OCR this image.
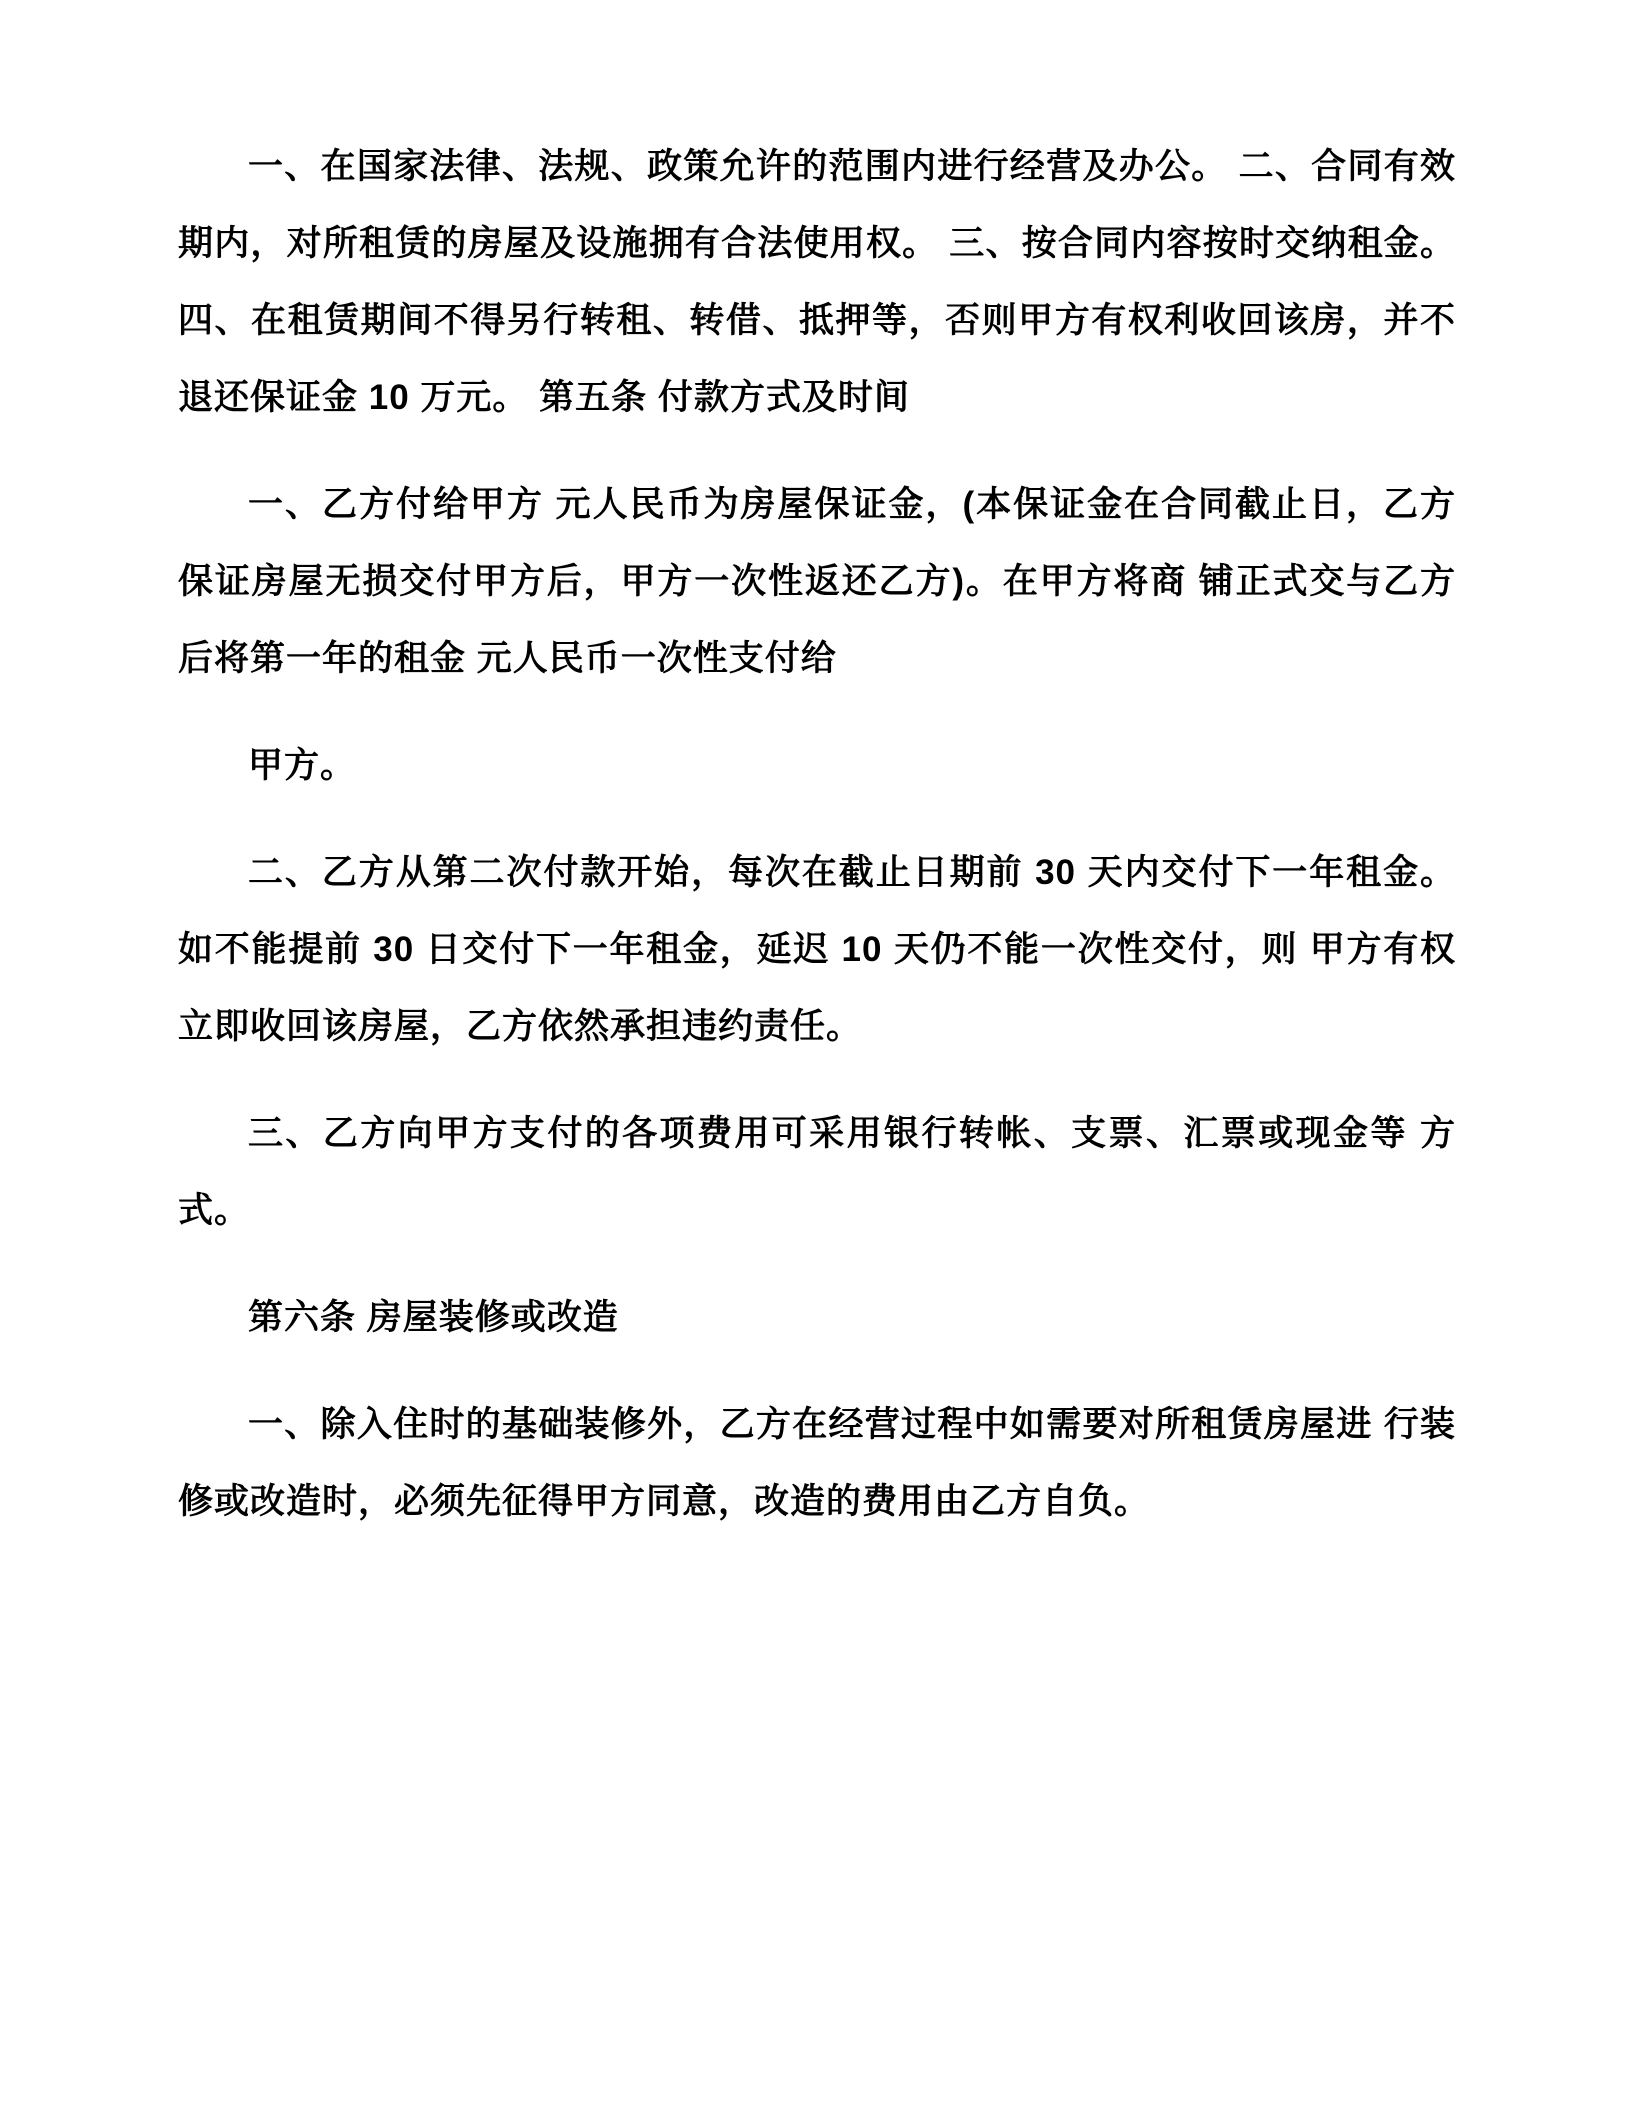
一、在国家法律、法规、政策允许的范围内进行经营及办公。 二、合同有效期内，对所租赁的房屋及设施拥有合法使用权。 三、按合同内容按时交纳租金。四、在租赁期间不得另行转租、转借、抵押等，否则甲方有权利收回该房，并不退还保证金 10 万元。 第五条 付款方式及时间

一、乙方付给甲方 元人民币为房屋保证金，(本保证金在合同截止日，乙方保证房屋无损交付甲方后，甲方一次性返还乙方)。在甲方将商 铺正式交与乙方后将第一年的租金 元人民币一次性支付给

甲方。

二、乙方从第二次付款开始，每次在截止日期前 30 天内交付下一年租金。如不能提前 30 日交付下一年租金，延迟 10 天仍不能一次性交付，则 甲方有权立即收回该房屋，乙方依然承担违约责任。

三、乙方向甲方支付的各项费用可采用银行转帐、支票、汇票或现金等 方式。

第六条 房屋装修或改造

一、除入住时的基础装修外，乙方在经营过程中如需要对所租赁房屋进 行装修或改造时，必须先征得甲方同意，改造的费用由乙方自负。
